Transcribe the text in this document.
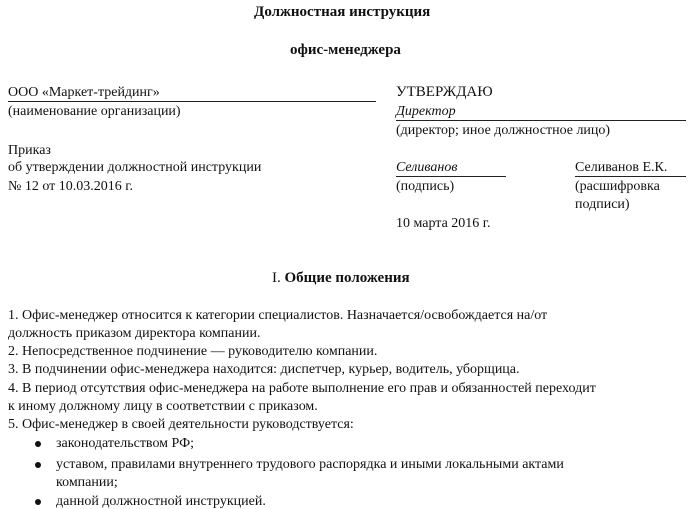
Должностная инструкция
офис-менеджера
ООО «Маркет-трейдинг»
(наименование организации)
Приказ
об утверждении должностной инструкции
№ 12 от 10.03.2016 г.
УТВЕРЖДАЮ
Директор
(директор; иное должностное лицо)
Селиванов
(подпись)
Селиванов Е.К.
(расшифровка
подписи)
10 марта 2016 г.
I. Общие положения
1. Офис-менеджер относится к категории специалистов. Назначается/освобождается на/от
должность приказом директора компании.
2. Непосредственное подчинение — руководителю компании.
3. В подчинении офис-менеджера находится: диспетчер, курьер, водитель, уборщица.
4. В период отсутствия офис-менеджера на работе выполнение его прав и обязанностей переходит
к иному должному лицу в соответствии с приказом.
5. Офис-менеджер в своей деятельности руководствуется:
законодательством РФ;
уставом, правилами внутреннего трудового распорядка и иными локальными актами
компании;
данной должностной инструкцией.
